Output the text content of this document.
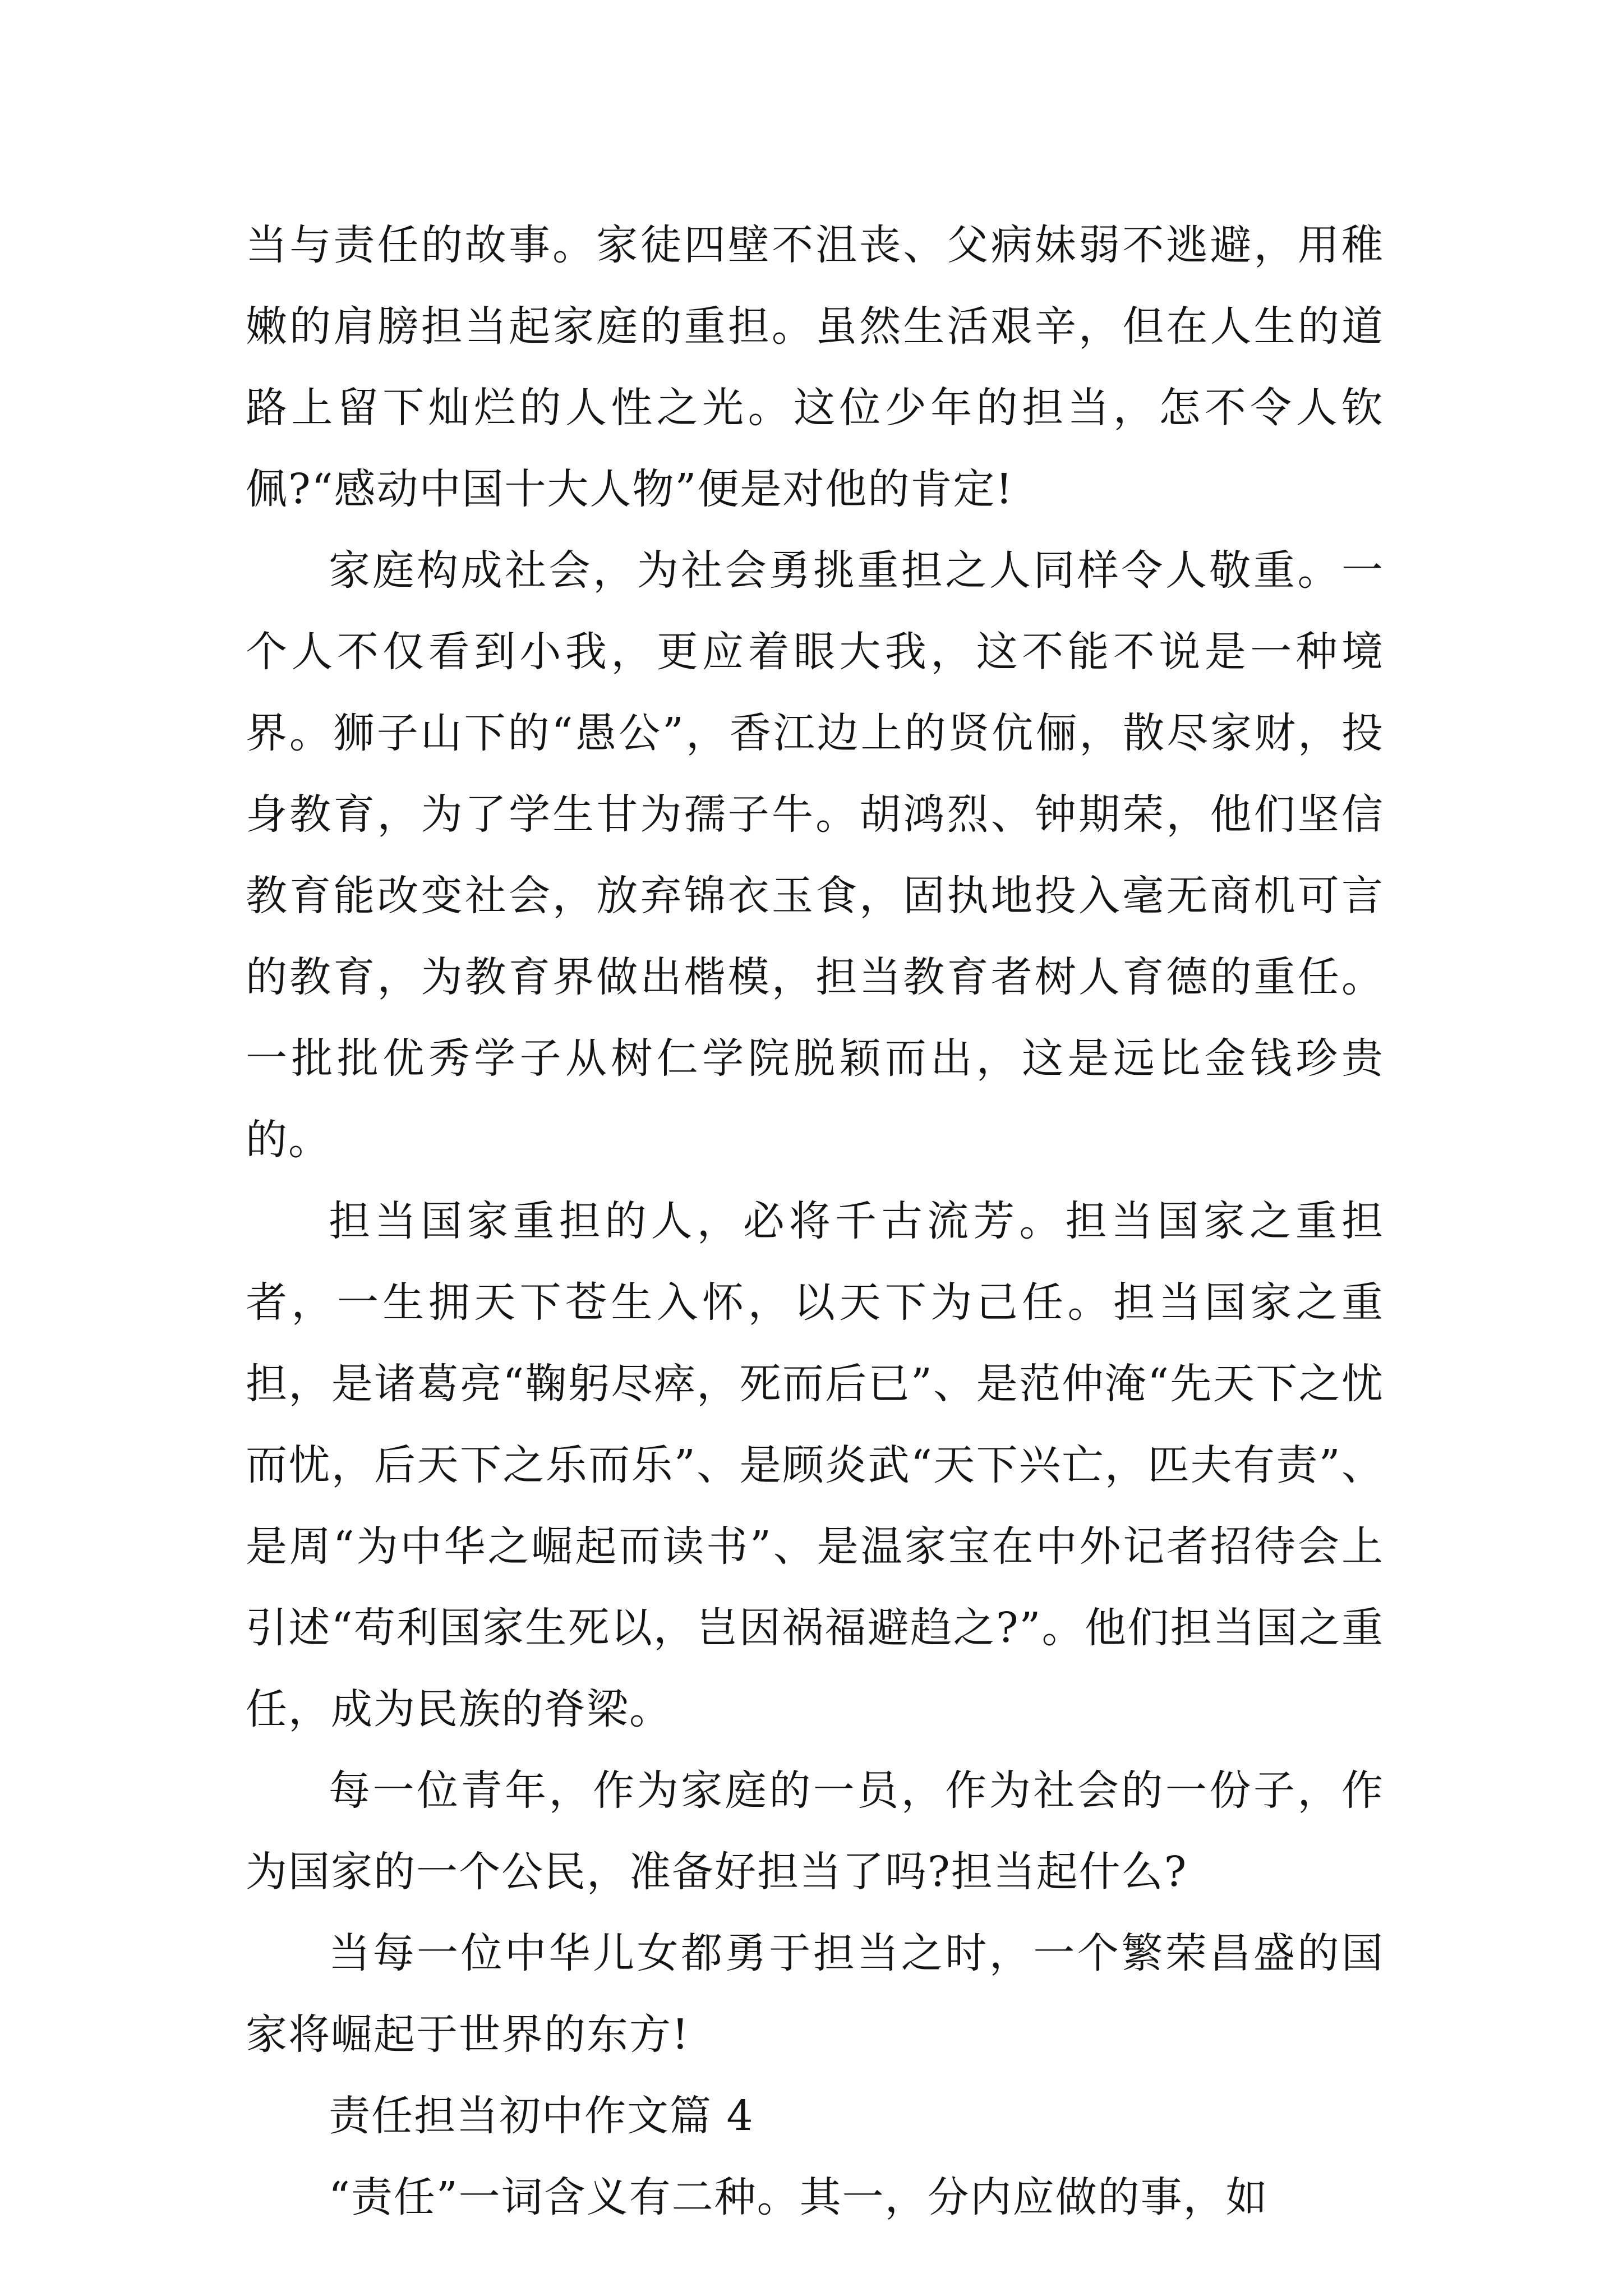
当与责任的故事。家徒四壁不沮丧、父病妹弱不逃避，用稚嫩的肩膀担当起家庭的重担。虽然生活艰辛，但在人生的道路上留下灿烂的人性之光。这位少年的担当，怎不令人钦佩?“感动中国十大人物”便是对他的肯定!

家庭构成社会，为社会勇挑重担之人同样令人敬重。一个人不仅看到小我，更应着眼大我，这不能不说是一种境界。狮子山下的“愚公”，香江边上的贤伉俪，散尽家财，投身教育，为了学生甘为孺子牛。胡鸿烈、钟期荣，他们坚信教育能改变社会，放弃锦衣玉食，固执地投入毫无商机可言的教育，为教育界做出楷模，担当教育者树人育德的重任。一批批优秀学子从树仁学院脱颖而出，这是远比金钱珍贵的。

担当国家重担的人，必将千古流芳。担当国家之重担者，一生拥天下苍生入怀，以天下为己任。担当国家之重担，是诸葛亮“鞠躬尽瘁，死而后已”、是范仲淹“先天下之忧而忧，后天下之乐而乐”、是顾炎武“天下兴亡，匹夫有责”、是周“为中华之崛起而读书”、是温家宝在中外记者招待会上引述“苟利国家生死以，岂因祸福避趋之?”。他们担当国之重任，成为民族的脊梁。

每一位青年，作为家庭的一员，作为社会的一份子，作为国家的一个公民，准备好担当了吗?担当起什么?

当每一位中华儿女都勇于担当之时，一个繁荣昌盛的国家将崛起于世界的东方!

责任担当初中作文篇 4

“责任”一词含义有二种。其一，分内应做的事，如
